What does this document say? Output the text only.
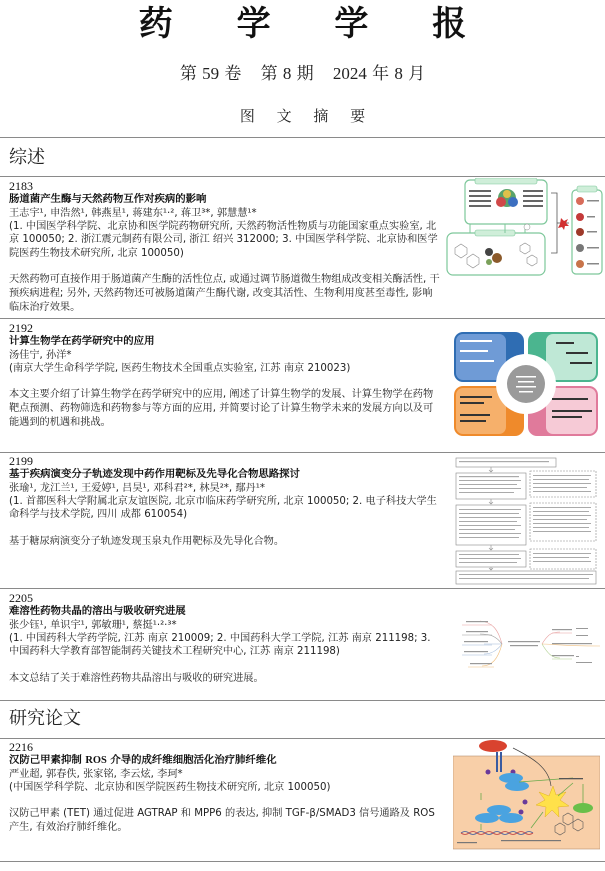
药 学 学 报
第 59 卷 第 8 期 2024 年 8 月
图 文 摘 要
综述
2183
肠道菌产生酶与天然药物互作对疾病的影响
王志宇¹, 申浩然¹, 韩燕星¹, 蒋建东¹·², 蒋卫³*, 郭慧慧¹*
(1. 中国医学科学院、北京协和医学院药物研究所, 天然药物活性物质与功能国家重点实验室, 北京 100050; 2. 浙江震元制药有限公司, 浙江 绍兴 312000; 3. 中国医学科学院、北京协和医学院医药生物技术研究所, 北京 100050)
天然药物可直接作用于肠道菌产生酶的活性位点, 或通过调节肠道微生物组成改变相关酶活性, 干预疾病进程; 另外, 天然药物还可被肠道菌产生酶代谢, 改变其活性、生物利用度甚至毒性, 影响临床治疗效果。
2192
计算生物学在药学研究中的应用
汤佳宁, 孙洋*
(南京大学生命科学学院, 医药生物技术全国重点实验室, 江苏 南京 210023)
本文主要介绍了计算生物学在药学研究中的应用, 阐述了计算生物学的发展、计算生物学在药物靶点预测、药物筛选和药物参与等方面的应用, 并简要讨论了计算生物学未来的发展方向以及可能遇到的机遇和挑战。
2199
基于疾病演变分子轨迹发现中药作用靶标及先导化合物思路探讨
张瑜¹, 龙江兰¹, 王爱婷¹, 吕昊¹, 邓科君²*, 林昊²*, 鄢丹¹*
(1. 首都医科大学附属北京友谊医院, 北京市临床药学研究所, 北京 100050; 2. 电子科技大学生命科学与技术学院, 四川 成都 610054)
基于糖尿病演变分子轨迹发现玉泉丸作用靶标及先导化合物。
2205
难溶性药物共晶的溶出与吸收研究进展
张少钰¹, 单识宇¹, 郭敏珊¹, 蔡挺¹·²·³*
(1. 中国药科大学药学院, 江苏 南京 210009; 2. 中国药科大学工学院, 江苏 南京 211198; 3. 中国药科大学教育部智能制药关键技术工程研究中心, 江苏 南京 211198)
本文总结了关于难溶性药物共晶溶出与吸收的研究进展。
研究论文
2216
汉防己甲素抑制 ROS 介导的成纤维细胞活化治疗肺纤维化
严业超, 郭春佚, 张家铭, 李云炫, 李珂*
(中国医学科学院、北京协和医学院医药生物技术研究所, 北京 100050)
汉防己甲素 (TET) 通过促进 AGTRAP 和 MPP6 的表达, 抑制 TGF-β/SMAD3 信号通路及 ROS 产生, 有效治疗肺纤维化。
